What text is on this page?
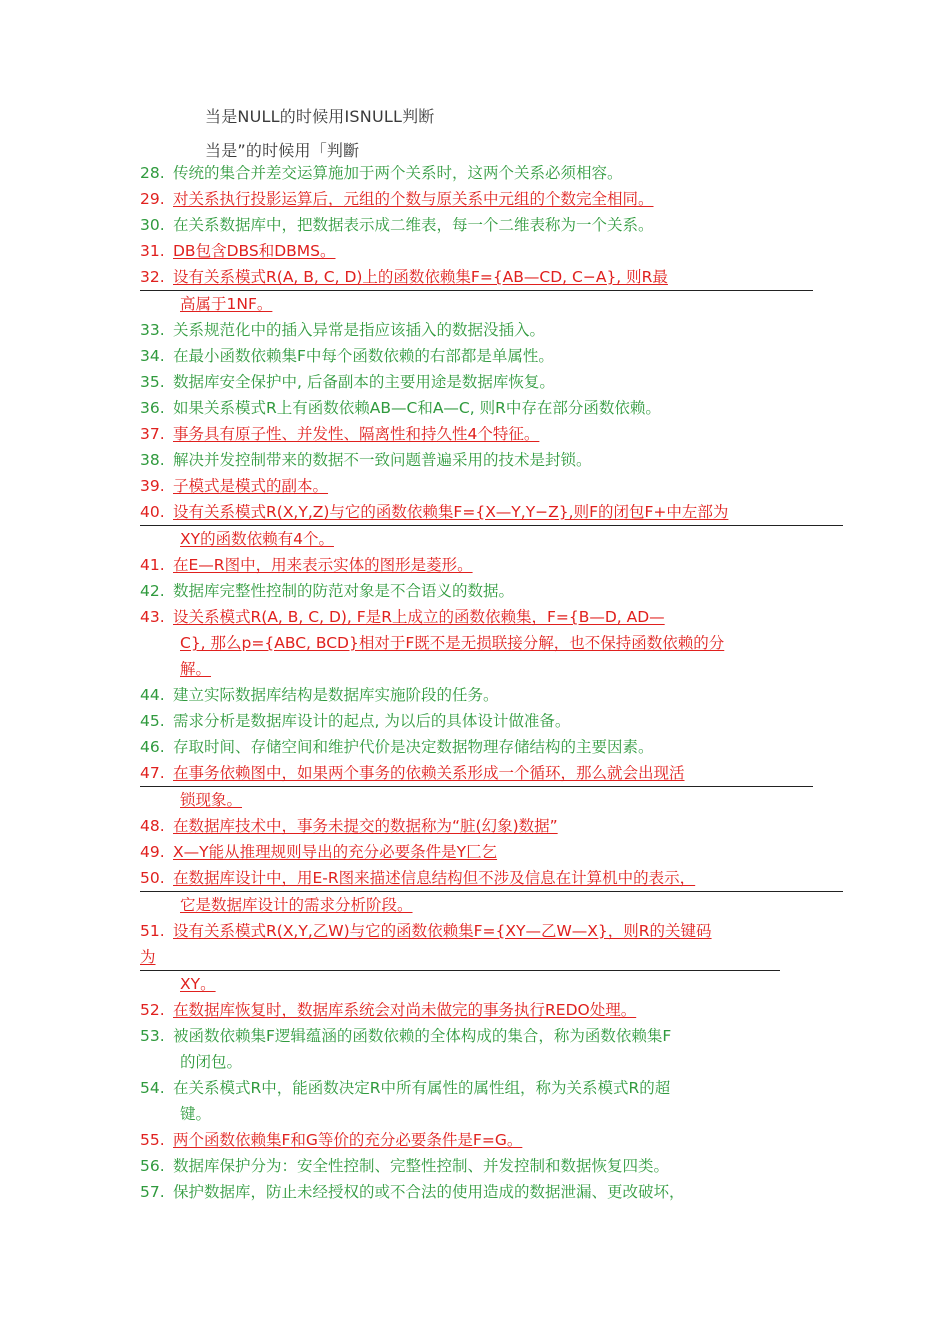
当是NULL的时候用ISNULL判断
当是”的时候用「判斷
28. 传统的集合并差交运算施加于两个关系时，这两个关系必须相容。
29. 对关系执行投影运算后，元组的个数与原关系中元组的个数完全相同。
30. 在关系数据库中，把数据表示成二维表，每一个二维表称为一个关系。
31. DB包含DBS和DBMS。
32. 设有关系模式R(A, B, C, D)上的函数依赖集F={AB—CD, C−A}, 则R最
高属于1NF。
33. 关系规范化中的插入异常是指应该插入的数据没插入。
34. 在最小函数依赖集F中每个函数依赖的右部都是单属性。
35. 数据库安全保护中, 后备副本的主要用途是数据库恢复。
36. 如果关系模式R上有函数依赖AB—C和A—C, 则R中存在部分函数依赖。
37. 事务具有原子性、并发性、隔离性和持久性4个特征。
38. 解决并发控制带来的数据不一致问题普遍采用的技术是封锁。
39. 子模式是模式的副本。
40. 设有关系模式R(X,Y,Z)与它的函数依赖集F={X—Y,Y−Z},则F的闭包F+中左部为
XY的函数依赖有4个。
41. 在E—R图中，用来表示实体的图形是菱形。
42. 数据库完整性控制的防范对象是不合语义的数据。
43. 设关系模式R(A, B, C, D), F是R上成立的函数依赖集，F={B—D, AD—
C}, 那么p={ABC, BCD}相对于F既不是无损联接分解，也不保持函数依赖的分
解。
44. 建立实际数据库结构是数据库实施阶段的任务。
45. 需求分析是数据库设计的起点, 为以后的具体设计做准备。
46. 存取时间、存储空间和维护代价是决定数据物理存储结构的主要因素。
47. 在事务依赖图中，如果两个事务的依赖关系形成一个循环，那么就会出现活
锁现象。
48. 在数据库技术中，事务未提交的数据称为“脏(幻象)数据”
49. X—Y能从推理规则导出的充分必要条件是Y匚乞
50. 在数据库设计中，用E-R图来描述信息结构但不涉及信息在计算机中的表示，
它是数据库设计的需求分析阶段。
51. 设有关系模式R(X,Y,乙W)与它的函数依赖集F={XY—乙W—X}，则R的关键码
为
XY。
52. 在数据库恢复时，数据库系统会对尚未做完的事务执行REDO处理。
53. 被函数依赖集F逻辑蕴涵的函数依赖的全体构成的集合，称为函数依赖集F
的闭包。
54. 在关系模式R中，能函数决定R中所有属性的属性组，称为关系模式R的超
键。
55. 两个函数依赖集F和G等价的充分必要条件是F=G。
56. 数据库保护分为：安全性控制、完整性控制、并发控制和数据恢复四类。
57. 保护数据库，防止未经授权的或不合法的使用造成的数据泄漏、更改破坏，
